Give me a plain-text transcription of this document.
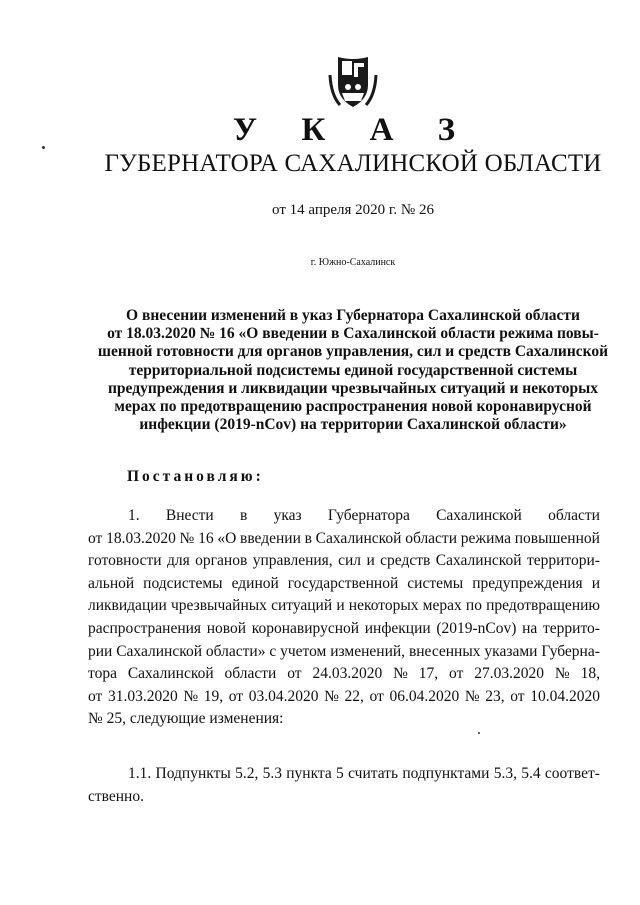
У К А З
ГУБЕРНАТОРА САХАЛИНСКОЙ ОБЛАСТИ
от 14 апреля 2020 г. № 26
г. Южно-Сахалинск
О внесении изменений в указ Губернатора Сахалинской области
от 18.03.2020 № 16 «О введении в Сахалинской области режима повы-
шенной готовности для органов управления, сил и средств Сахалинской
территориальной подсистемы единой государственной системы
предупреждения и ликвидации чрезвычайных ситуаций и некоторых
мерах по предотвращению распространения новой коронавирусной
инфекции (2019-nCov) на территории Сахалинской области»
Постановляю:
1. Внести в указ Губернатора Сахалинской области
от 18.03.2020 № 16 «О введении в Сахалинской области режима повышенной
готовности для органов управления, сил и средств Сахалинской территори-
альной подсистемы единой государственной системы предупреждения и
ликвидации чрезвычайных ситуаций и некоторых мерах по предотвращению
распространения новой коронавирусной инфекции (2019-nCov) на террито-
рии Сахалинской области» с учетом изменений, внесенных указами Губерна-
тора Сахалинской области от 24.03.2020 № 17, от 27.03.2020 № 18,
от 31.03.2020 № 19, от 03.04.2020 № 22, от 06.04.2020 № 23, от 10.04.2020
№ 25, следующие изменения:
1.1. Подпункты 5.2, 5.3 пункта 5 считать подпунктами 5.3, 5.4 соответ-
ственно.
